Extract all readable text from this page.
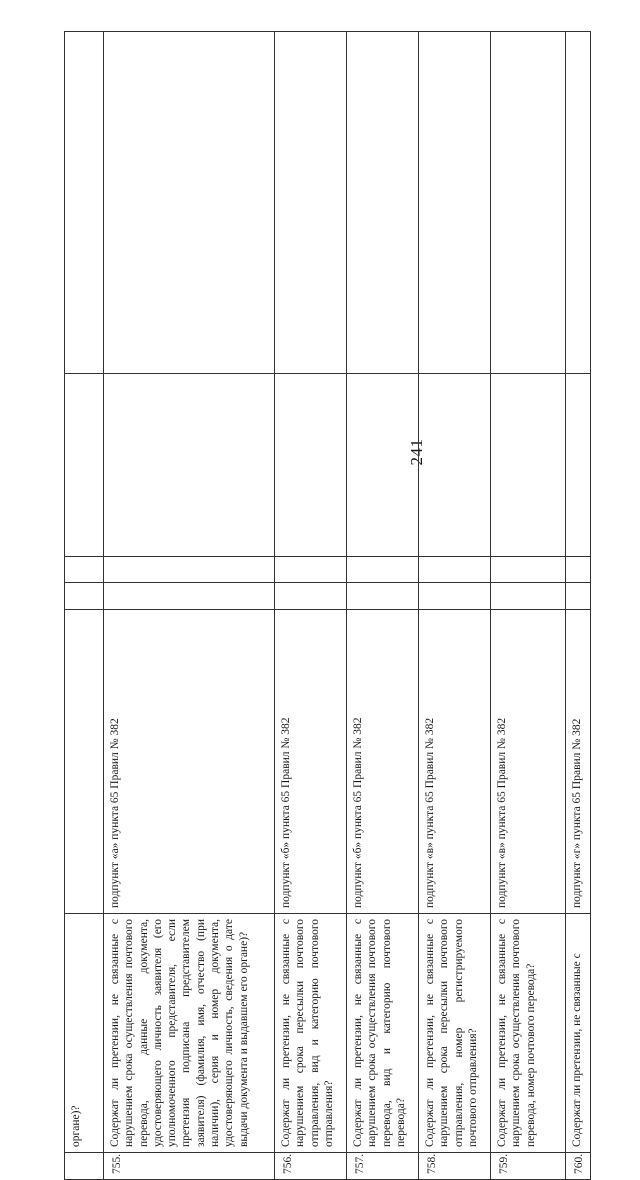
241
	органе)?					
755.	Содержат ли претензии, не связанные с нарушением срока осуществления почтового перевода, данные документа, удостоверяющего личность заявителя (его уполномоченного представителя, если претензия подписана представителем заявителя) (фамилия, имя, отчество (при наличии), серия и номер документа, удостоверяющего личность, сведения о дате выдачи документа и выдавшем его органе)?	подпункт «а» пункта 65 Правил № 382				
756.	Содержат ли претензии, не связанные с нарушением срока пересылки почтового отправления, вид и категорию почтового отправления?	подпункт «б» пункта 65 Правил № 382				
757.	Содержат ли претензии, не связанные с нарушением срока осуществления почтового перевода, вид и категорию почтового перевода?	подпункт «б» пункта 65 Правил № 382				
758.	Содержат ли претензии, не связанные с нарушением срока пересылки почтового отправления, номер регистрируемого почтового отправления?	подпункт «в» пункта 65 Правил № 382				
759.	Содержат ли претензии, не связанные с нарушением срока осуществления почтового перевода, номер почтового перевода?	подпункт «в» пункта 65 Правил № 382				
760.	Содержат ли претензии, не связанные с	подпункт «г» пункта 65 Правил № 382				
